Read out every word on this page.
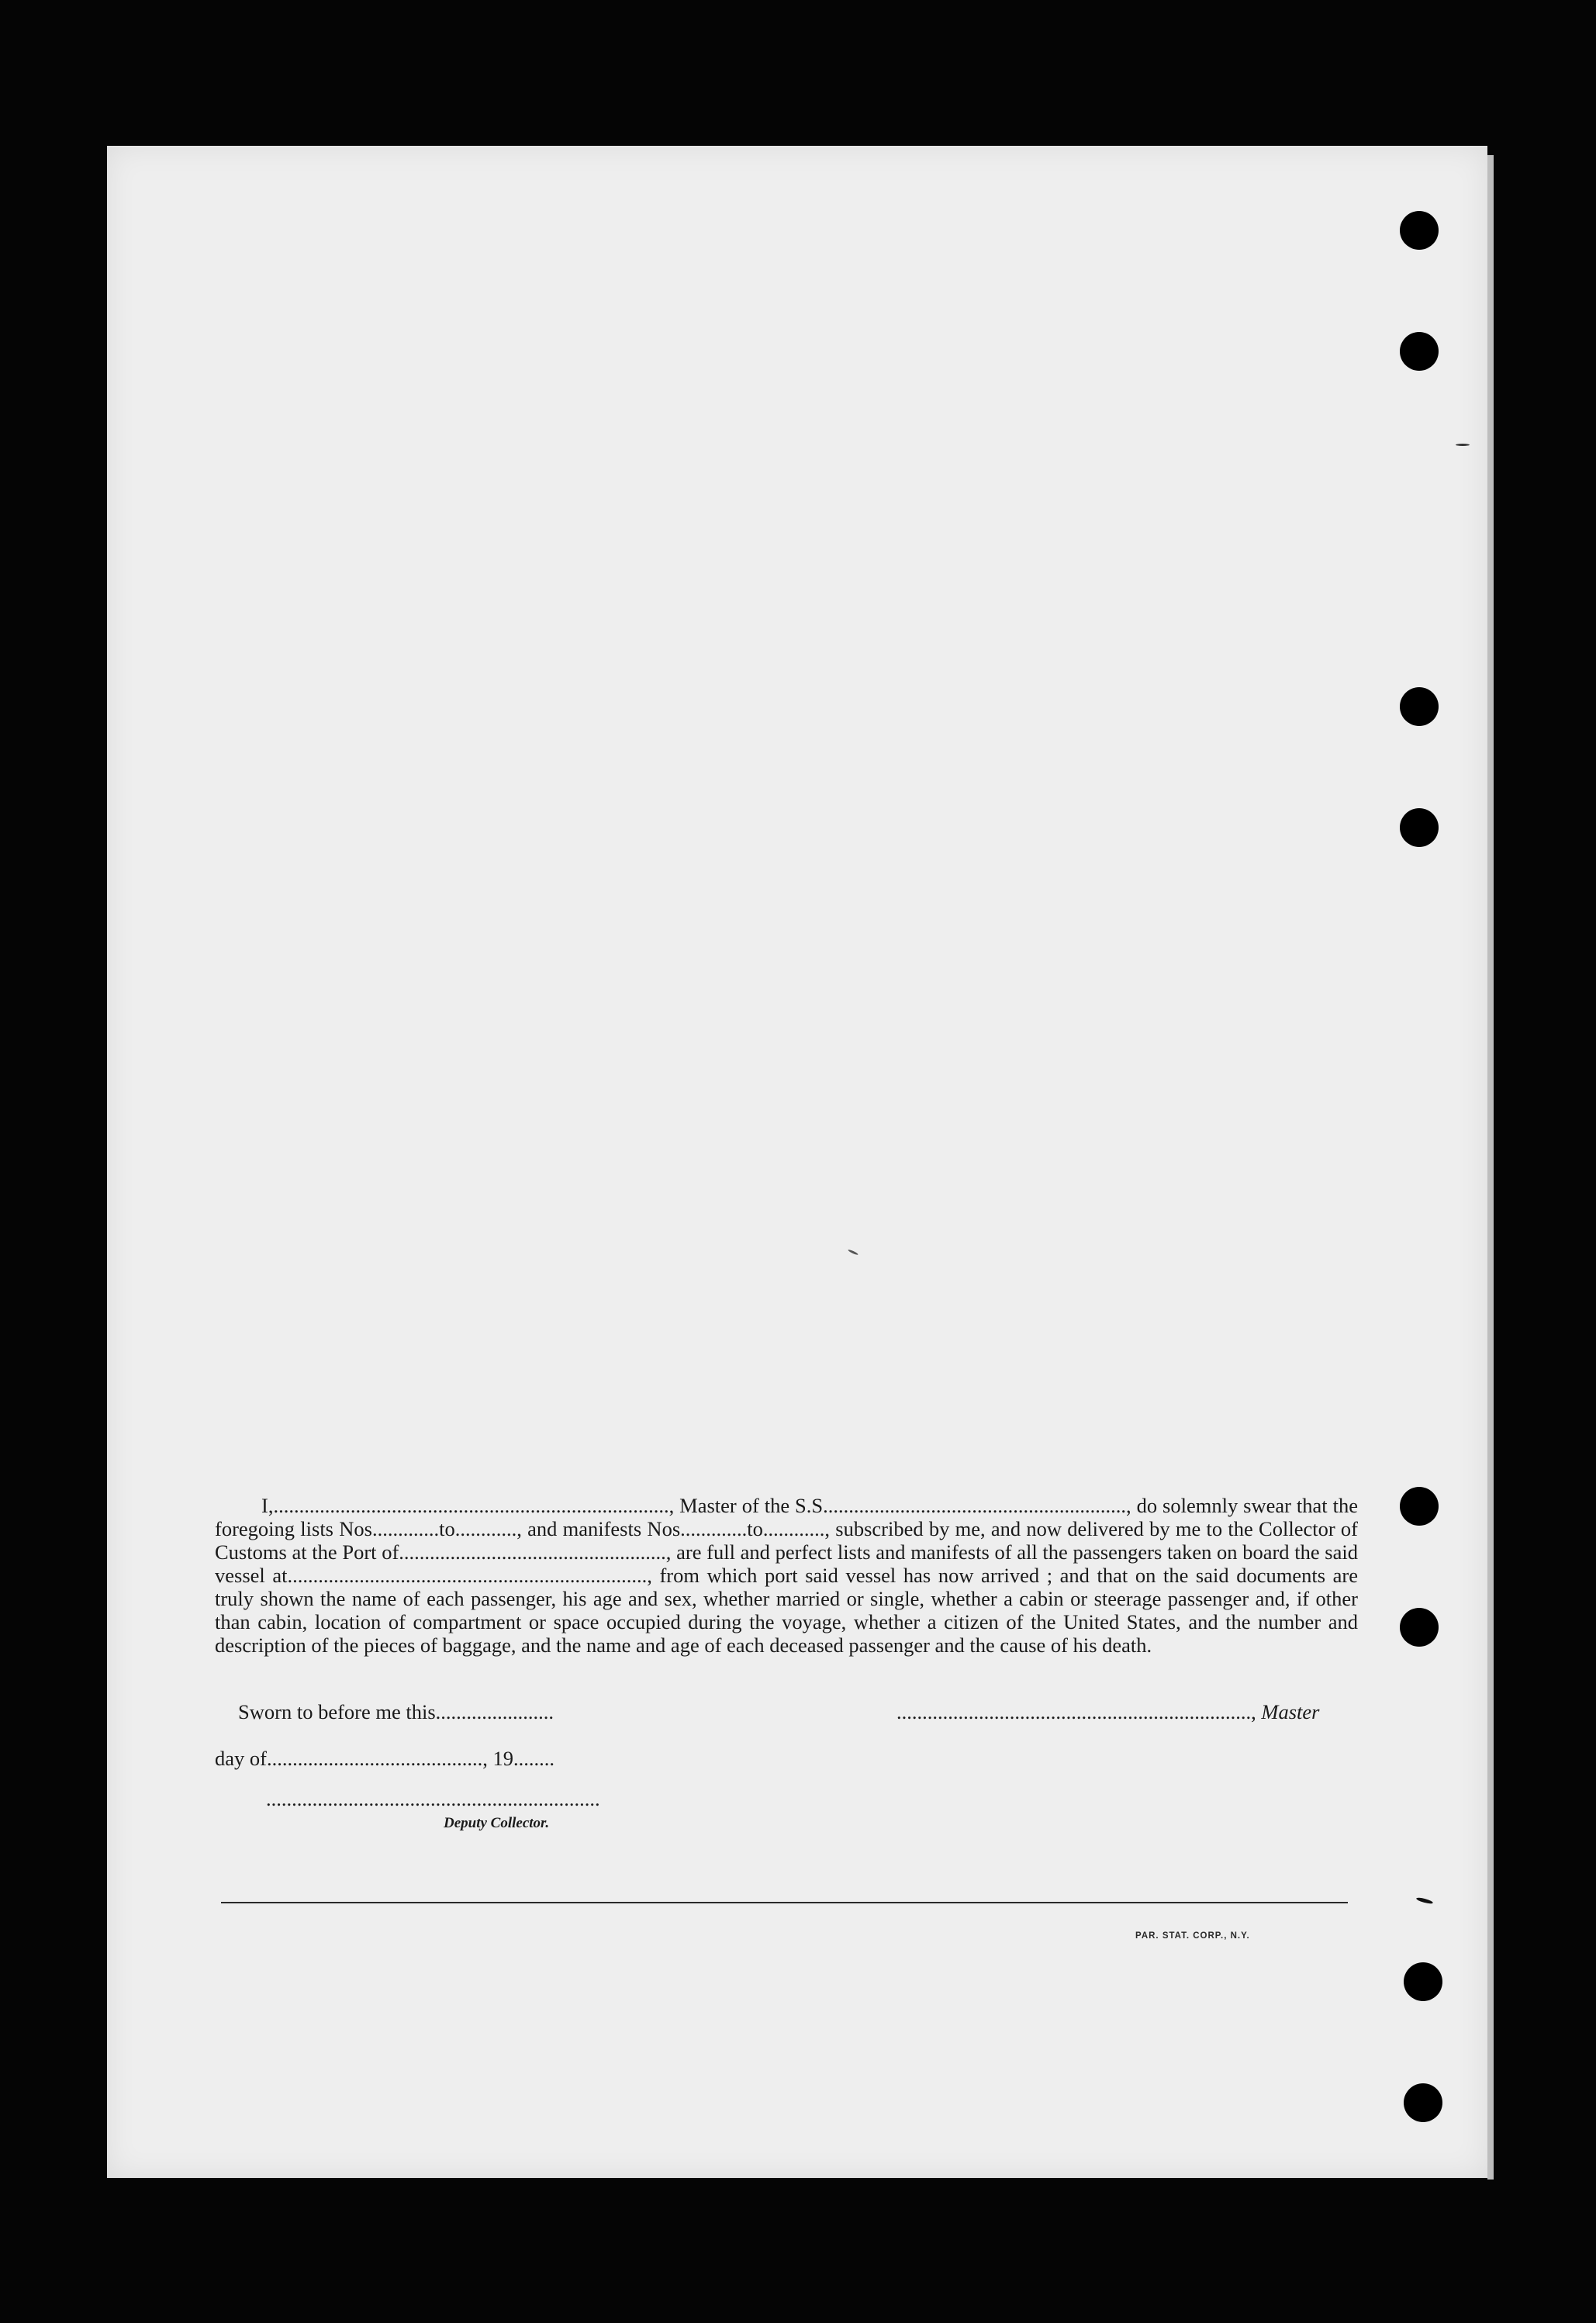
I,............................................................................., Master of the S.S..........................................................., do solemnly swear that the foregoing lists Nos.............to............, and manifests Nos.............to............, subscribed by me, and now delivered by me to the Collector of Customs at the Port of...................................................., are full and perfect lists and manifests of all the passengers taken on board the said vessel at......................................................................, from which port said vessel has now arrived ; and that on the said documents are truly shown the name of each passenger, his age and sex, whether married or single, whether a cabin or steerage passenger and, if other than cabin, location of compartment or space occupied during the voyage, whether a citizen of the United States, and the number and description of the pieces of baggage, and the name and age of each deceased passenger and the cause of his death.

Sworn to before me this.......................	....................................................................., Master
day of.........................................., 19........
.................................................................
Deputy Collector.
PAR. STAT. CORP., N.Y.
